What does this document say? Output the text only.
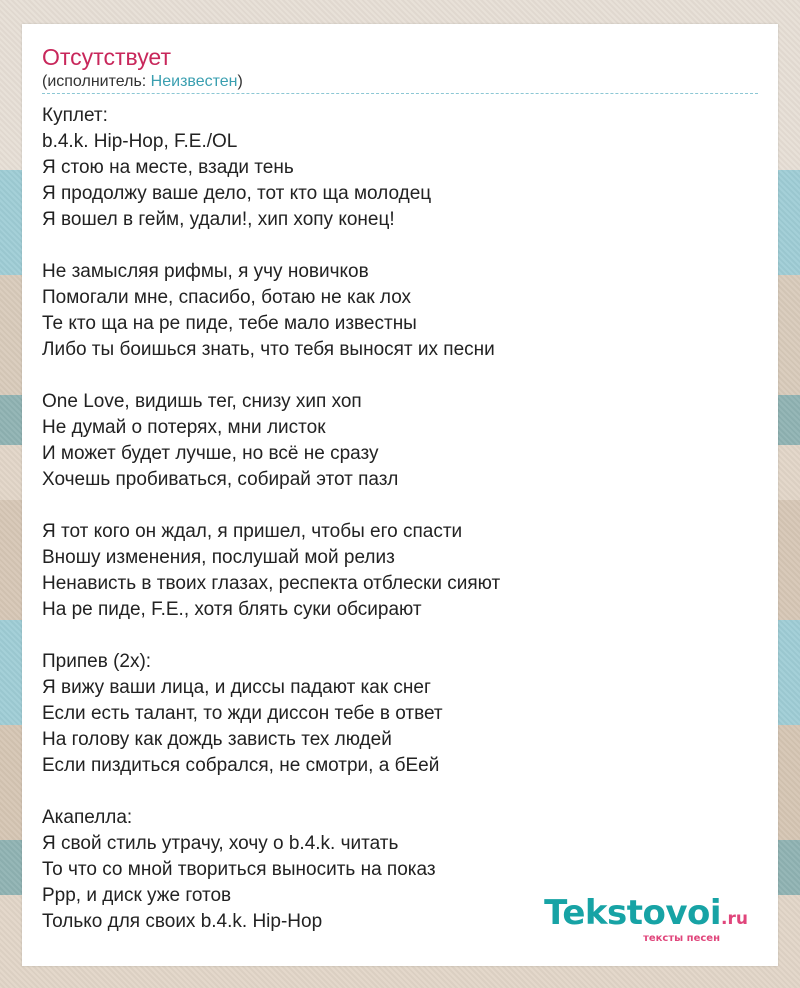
Отсутствует
(исполнитель: Неизвестен)
Куплет:
b.4.k. Hip-Hop, F.E./OL
Я стою на месте, взади тень
Я продолжу ваше дело, тот кто ща молодец
Я вошел в гейм, удали!, хип хопу конец!
Не замысляя рифмы, я учу новичков
Помогали мне, спасибо, ботаю не как лох
Те кто ща на ре пиде, тебе мало известны
Либо ты боишься знать, что тебя выносят их песни
One Love, видишь тег, снизу хип хоп
Не думай о потерях, мни листок
И может будет лучше, но всё не сразу
Хочешь пробиваться, собирай этот пазл
Я тот кого он ждал, я пришел, чтобы его спасти
Вношу изменения, послушай мой релиз
Ненависть в твоих глазах, респекта отблески сияют
На ре пиде, F.E., хотя блять суки обсирают
Припев (2x):
Я вижу ваши лица, и диссы падают как снег
Если есть талант, то жди диссон тебе в ответ
На голову как дождь зависть тех людей
Если пиздиться собрался, не смотри, а бЕей
Акапелла:
Я свой стиль утрачу, хочу о b.4.k. читать
То что со мной твориться выносить на показ
Ppp, и диск уже готов
Только для своих b.4.k. Hip-Hop	Tekstovoi.ru
тексты песен
